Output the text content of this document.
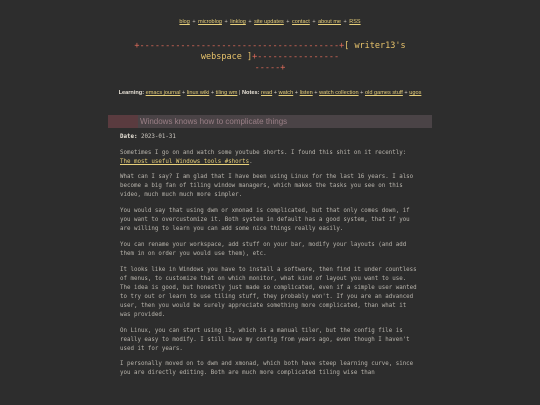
blog + microblog + linklog + site updates + contact + about me + RSS
+---------------------------------------+[ writer13's webspace ]+----------------
-----+
Learning: emacs journal + linux wiki + tiling wm | Notes: read + watch + listen + watch collection + old games stuff + ugos
Windows knows how to complicate things
Date: 2023-01-31

Sometimes I go on and watch some youtube shorts. I found this shit on it recently: The most useful Windows tools #shorts.

What can I say? I am glad that I have been using Linux for the last 16 years. I also become a big fan of tiling window managers, which makes the tasks you see on this video, much much much more simpler.

You would say that using dwm or xmonad is complicated, but that only comes down, if you want to overcustomize it. Both system in default has a good system, that if you are willing to learn you can add some nice things really easily.

You can rename your workspace, add stuff on your bar, modify your layouts (and add them in on order you would use them), etc.

It looks like in Windows you have to install a software, then find it under countless of menus, to customize that on which monitor, what kind of layout you want to use. The idea is good, but honestly just made so complicated, even if a simple user wanted to try out or learn to use tiling stuff, they probably won't. If you are an advanced user, then you would be surely appreciate something more complicated, than what it was provided.

On Linux, you can start using i3, which is a manual tiler, but the config file is really easy to modify. I still have my config from years ago, even though I haven't used it for years.

I personally moved on to dwm and xmonad, which both have steep learning curve, since you are directly editing. Both are much more complicated tiling wise than
